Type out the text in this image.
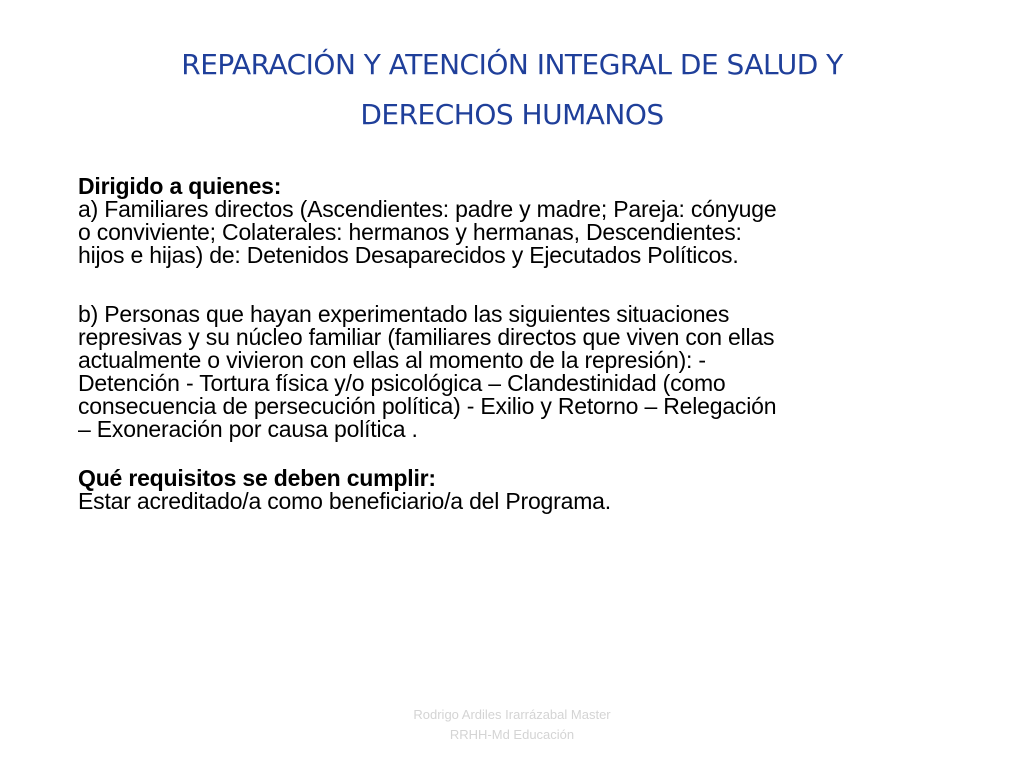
REPARACIÓN Y ATENCIÓN INTEGRAL DE SALUD Y
DERECHOS HUMANOS

Dirigido a quienes:
a) Familiares directos (Ascendientes: padre y madre; Pareja: cónyuge
o conviviente; Colaterales: hermanos y hermanas, Descendientes:
hijos e hijas) de: Detenidos Desaparecidos y Ejecutados Políticos.

b) Personas que hayan experimentado las siguientes situaciones
represivas y su núcleo familiar (familiares directos que viven con ellas
actualmente o vivieron con ellas al momento de la represión): -
Detención - Tortura física y/o psicológica – Clandestinidad (como
consecuencia de persecución política) - Exilio y Retorno – Relegación
– Exoneración por causa política .

Qué requisitos se deben cumplir:
Estar acreditado/a como beneficiario/a del Programa.

Rodrigo Ardiles Irarrázabal Master
RRHH-Md Educación
